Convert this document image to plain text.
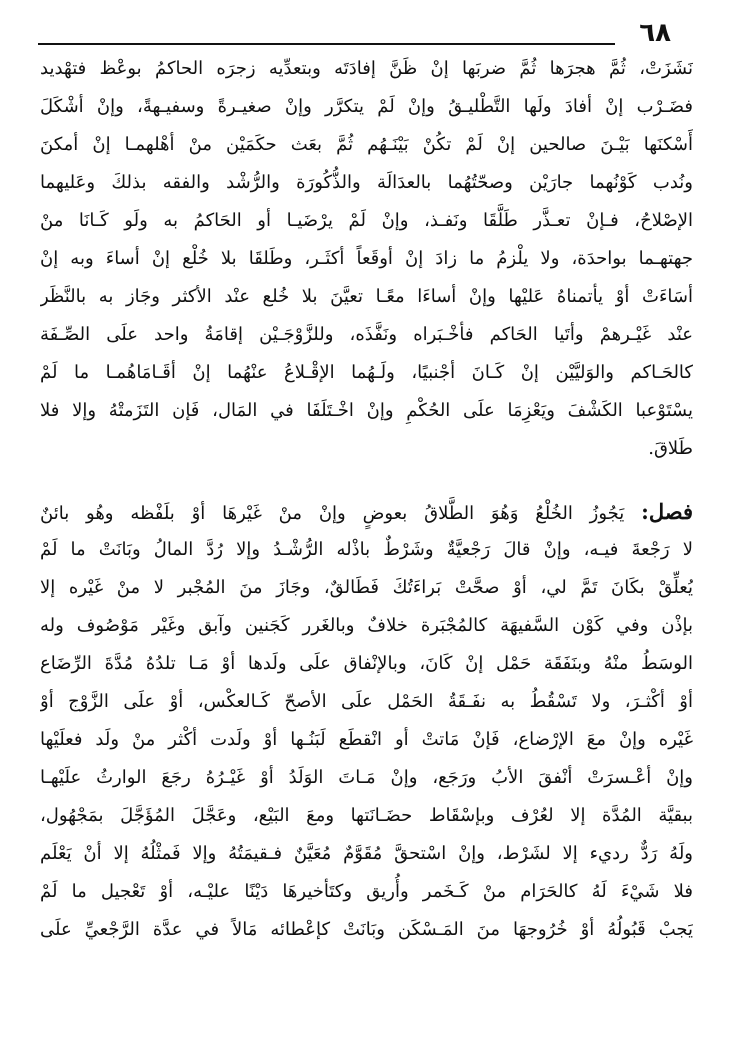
٦٨
نَشَزَتْ، ثُمَّ هجرَها ثُمَّ ضربَها إنْ ظَنَّ إفادَتَه وبتعدِّيه زجرَه الحاكمُ بوعْظ فتهْديد
فضَـرْب إنْ أفادَ ولَها التَّطْليـقُ وإنْ لَمْ يتكرَّر وإنْ صغيـرةً وسفيـهةً، وإنْ أشْكَلَ
أَسْكنَها بَيْـنَ صالحين إنْ لَمْ تكُنْ بَيْنَـهُم ثُمَّ بعَث حكَمَيْن منْ أهْلهمـا إنْ أمكنَ
ونُدب كَوْنُهما جارَيْن وصحّتُهُما بالعدَالَة والذُّكُورَة والرُّشْد والفقه بذلكَ وعَليهما
الإصْلاحُ، فـإنْ تعـذَّر طَلَّقَا ونَفـذ، وإنْ لَمْ يرْضَيـا أو الحَاكمُ به ولَو كَـانَا منْ
جهتهـما بواحدَة، ولا يلْزمُ ما زادَ إنْ أوقَعاً أكثَـر، وطَلقَا بلا خُلْع إنْ أساءَ وبه إنْ
أسَاءَتْ أوْ يأتمناهُ عَليْها وإنْ أساءَا معًـا تعيَّنَ بلا خُلع عنْد الأكثر وجَاز به بالنَّظَر
عنْد غَيْـرهمْ وأتَيا الحَاكم فأخْـبَراه ونَفَّذَه، وللزَّوْجَـيْن إقامَةُ واحد علَى الصِّـفَة
كالحَـاكم والوَليَّيْن إنْ كَـانَ أجْنبيًا، ولَـهُما الإقْـلاعُ عنْهُما إنْ أقَـامَاهُمـا ما لَمْ
يسْتَوْعبا الكَشْفَ ويَعْزِمَا علَى الحُكْمِ وإنْ اخْـتَلَفَا في المَال، فَإن التَزَمتْهُ وإلا فلا
طَلاقَ.
فصل: يَجُوزُ الخُلْعُ وَهُوَ الطَّلاقُ بعوضٍ وإنْ منْ غَيْرهَا أوْ بلَفْظه وهُو بائنٌ
لا رَجْعةَ فيـه، وإنْ قالَ رَجْعيَّةٌ وشَرْطٌ باذْله الرُّشْـدُ وإلا رُدَّ المالُ وبَانَتْ ما لَمْ
يُعلِّقْ بكَانَ تَمَّ لي، أوْ صحَّتْ بَراءَتُكَ فَطَالقٌ، وجَازَ منَ المُجْبر لا منْ غَيْره إلا
بإذْن وفي كَوْن السَّفيهَة كالمُجْبَرة خلافٌ وبالغَرر كَجَنين وآبق وغَيْر مَوْصُوف وله
الوسَطُ منْهُ وبنَفَقَة حَمْل إنْ كَانَ، وبالإنْفاق علَى ولَدها أوْ مَـا تلدُهُ مُدَّةَ الرِّضَاع
أوْ أكْثـرَ، ولا تَسْقُطُ به نفَـقَةُ الحَمْل علَى الأصحّ كَـالعكْس، أوْ علَى الزَّوْج أوْ
غَيْره وإنْ معَ الإرْضاع، فَإنْ مَاتتْ أو انْقطَع لَبَنُـها أوْ ولَدت أكْثر منْ ولَد فعلَيْها
وإنْ أعْـسرَتْ أنْفقَ الأبُ ورَجَع، وإنْ مَـاتَ الوَلَدُ أوْ غَيْـرُهُ رجَعَ الوارثُ علَيْهـا
ببقيَّة المُدَّة إلا لعُرْف وبإسْقَاط حضَـانَتها ومعَ البَيْع، وعَجَّلَ المُؤَجَّلَ بمَجْهُول،
ولَهُ رَدٌّ رديء إلا لشَرْط، وإنْ اسْتحقَّ مُقَوَّمٌ مُعَيَّنٌ فـقيمَتُهُ وإلا فَمثْلُهُ إلا أنْ يَعْلَم
فلا شَيْءَ لَهُ كالحَرَام منْ كَـخَمر وأُريق وكتَأخيرهَا دَيْنًا عليْـه، أوْ تَعْجيل ما لَمْ
يَجبْ قَبُولُهُ أوْ خُرُوجهَا منَ المَـسْكَن وبَانَتْ كإعْطائه مَالاً في عدَّة الرَّجْعيِّ علَى
